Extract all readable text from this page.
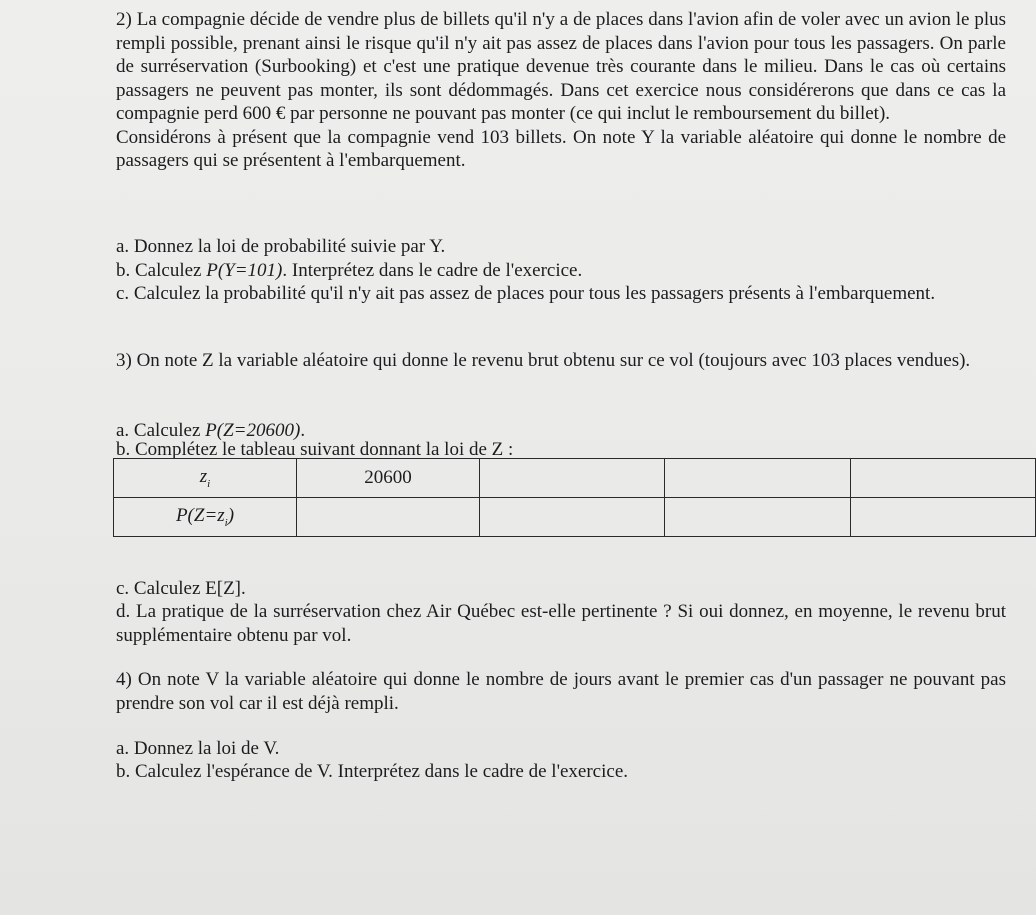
2) La compagnie décide de vendre plus de billets qu'il n'y a de places dans l'avion afin de voler avec un avion le plus rempli possible, prenant ainsi le risque qu'il n'y ait pas assez de places dans l'avion pour tous les passagers. On parle de surréservation (Surbooking) et c'est une pratique devenue très courante dans le milieu. Dans le cas où certains passagers ne peuvent pas monter, ils sont dédommagés. Dans cet exercice nous considérerons que dans ce cas la compagnie perd 600 € par personne ne pouvant pas monter (ce qui inclut le remboursement du billet).

Considérons à présent que la compagnie vend 103 billets. On note Y la variable aléatoire qui donne le nombre de passagers qui se présentent à l'embarquement.

a. Donnez la loi de probabilité suivie par Y.

b. Calculez P(Y=101). Interprétez dans le cadre de l'exercice.

c. Calculez la probabilité qu'il n'y ait pas assez de places pour tous les passagers présents à l'embarquement.

3) On note Z la variable aléatoire qui donne le revenu brut obtenu sur ce vol (toujours avec 103 places vendues).
a. Calculez P(Z=20600).
b. Complétez le tableau suivant donnant la loi de Z :
$z_i$	20600			
$P(Z=z_i)$				
c. Calculez E[Z].
d. La pratique de la surréservation chez Air Québec est-elle pertinente ? Si oui donnez, en moyenne, le revenu brut supplémentaire obtenu par vol.
4) On note V la variable aléatoire qui donne le nombre de jours avant le premier cas d'un passager ne pouvant pas prendre son vol car il est déjà rempli.
a. Donnez la loi de V.
b. Calculez l'espérance de V. Interprétez dans le cadre de l'exercice.
